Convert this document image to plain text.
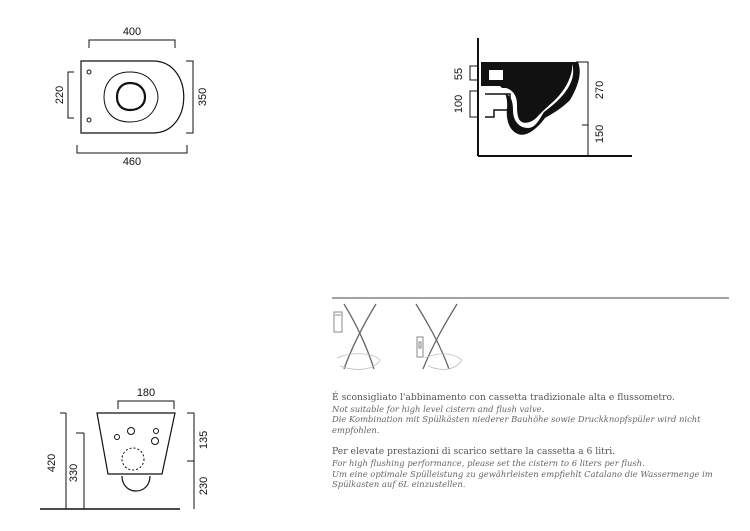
400
460
220	350
55
100
270
150
180
420
330
135
230

É sconsigliato l'abbinamento con cassetta tradizionale alta e flussometro.

Not suitable for high level cistern and flush valve.

Die Kombination mit Spülkästen niederer Bauhöhe sowie Druckknopfspüler wird nicht empfohlen.

Per elevate prestazioni di scarico settare la cassetta a 6 litri.

For high flushing performance, please set the cistern to 6 liters per flush.

Um eine optimale Spülleistung zu gewährleisten empfiehlt Catalano die Wassermenge im Spülkasten auf 6L einzustellen.
